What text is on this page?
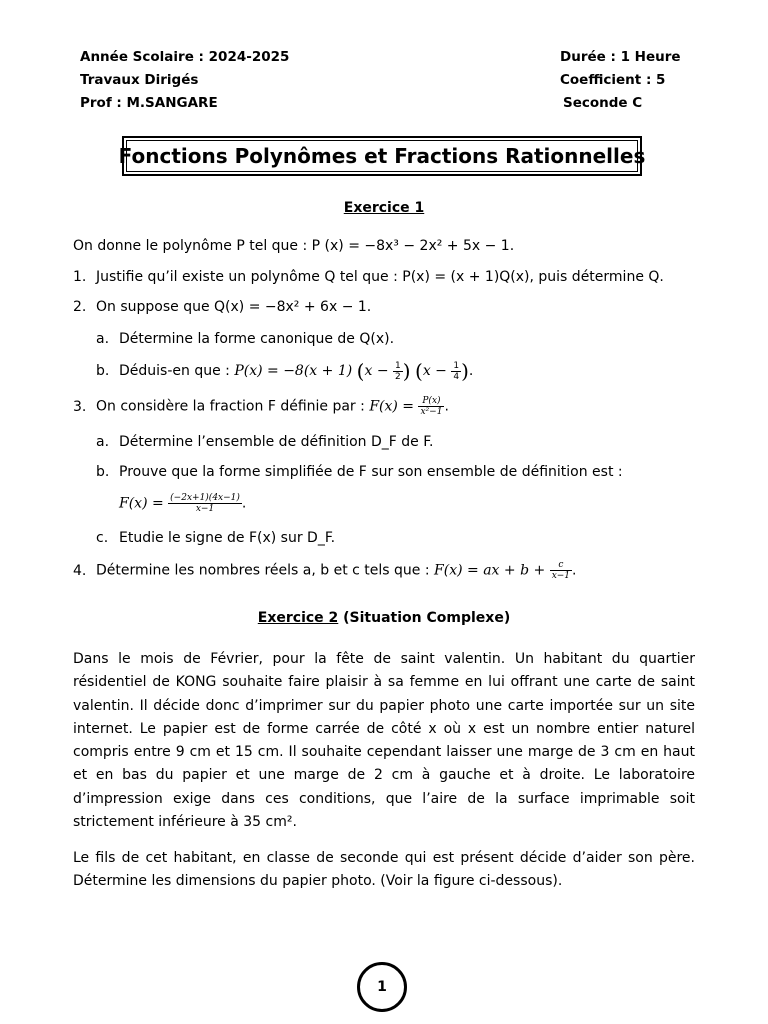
Année Scolaire : 2024-2025
Travaux Dirigés
Prof : M.SANGARE
Durée : 1 Heure
Coefficient : 5
Seconde C
Fonctions Polynômes et Fractions Rationnelles
Exercice 1
On donne le polynôme P tel que : P (x) = −8x³ − 2x² + 5x − 1.
1. Justifie qu’il existe un polynôme Q tel que : P(x) = (x + 1)Q(x), puis détermine Q.
2. On suppose que Q(x) = −8x² + 6x − 1.
a. Détermine la forme canonique de Q(x).
b. Déduis-en que : P(x) = −8(x + 1) ($x - \frac{1}{2}$ ) ($x - \frac{1}{4}$ ).
3. On considère la fraction F définie par : $F(x) = \frac{P(x)}{\text{x²−1}}$ .
a. Détermine l’ensemble de définition D_F de F.
b. Prouve que la forme simplifiée de F sur son ensemble de définition est :
$F(x) = \frac{(-2x+1)(4x-1)}{x-1}$ .
c. Etudie le signe de F(x) sur D_F.
4. Détermine les nombres réels a, b et c tels que : F(x) = ax + $b + \frac{c}{x-1}$ .
Exercice 2 (Situation Complexe)
Dans le mois de Février, pour la fête de saint valentin. Un habitant du quartier résidentiel de KONG souhaite faire plaisir à sa femme en lui offrant une carte de saint valentin. Il décide donc d’imprimer sur du papier photo une carte importée sur un site internet. Le papier est de forme carrée de côté x où x est un nombre entier naturel compris entre 9 cm et 15 cm. Il souhaite cependant laisser une marge de 3 cm en haut et en bas du papier et une marge de 2 cm à gauche et à droite. Le laboratoire d’impression exige dans ces conditions, que l’aire de la surface imprimable soit strictement inférieure à 35 cm².
Le fils de cet habitant, en classe de seconde qui est présent décide d’aider son père. Détermine les dimensions du papier photo. (Voir la figure ci-dessous).
1
